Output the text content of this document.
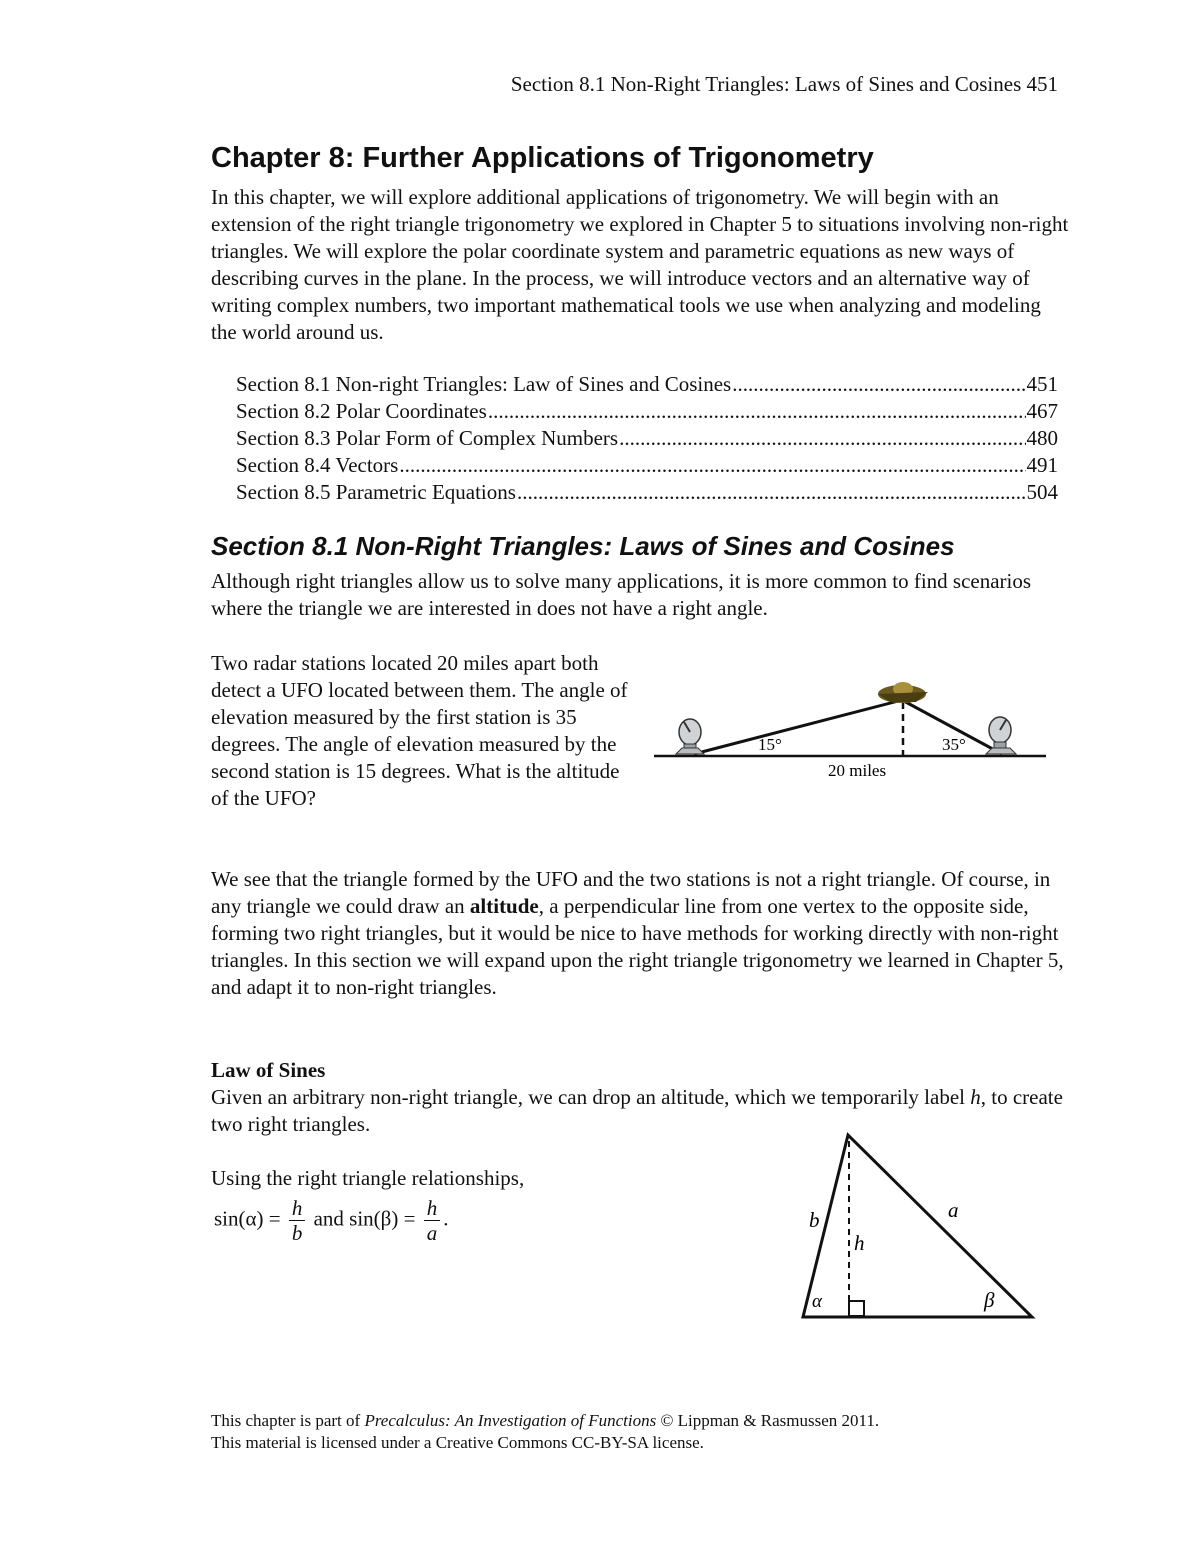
Section 8.1 Non-Right Triangles: Laws of Sines and Cosines 451
Chapter 8: Further Applications of Trigonometry

In this chapter, we will explore additional applications of trigonometry. We will begin with an extension of the right triangle trigonometry we explored in Chapter 5 to situations involving non-right triangles. We will explore the polar coordinate system and parametric equations as new ways of describing curves in the plane. In the process, we will introduce vectors and an alternative way of writing complex numbers, two important mathematical tools we use when analyzing and modeling the world around us.

Section 8.1 Non-right Triangles: Law of Sines and Cosines .....	451
Section 8.2 Polar Coordinates .....	467
Section 8.3 Polar Form of Complex Numbers .....	480
Section 8.4 Vectors .....	491
Section 8.5 Parametric Equations .....	504
Section 8.1 Non-Right Triangles: Laws of Sines and Cosines

Although right triangles allow us to solve many applications, it is more common to find scenarios where the triangle we are interested in does not have a right angle.

Two radar stations located 20 miles apart both detect a UFO located between them. The angle of elevation measured by the first station is 35 degrees. The angle of elevation measured by the second station is 15 degrees. What is the altitude of the UFO?

15°	35°
20 miles

We see that the triangle formed by the UFO and the two stations is not a right triangle. Of course, in any triangle we could draw an altitude, a perpendicular line from one vertex to the opposite side, forming two right triangles, but it would be nice to have methods for working directly with non-right triangles. In this section we will expand upon the right triangle trigonometry we learned in Chapter 5, and adapt it to non-right triangles.

Law of Sines

Given an arbitrary non-right triangle, we can drop an altitude, which we temporarily label h, to create two right triangles.

Using the right triangle relationships,
$\sin(\alpha) = \frac{h}{b}$ and $\sin(\beta) = \frac{h}{a}$ .	b
h
a
α	β
This chapter is part of Precalculus: An Investigation of Functions © Lippman & Rasmussen 2011.
This material is licensed under a Creative Commons CC-BY-SA license.
